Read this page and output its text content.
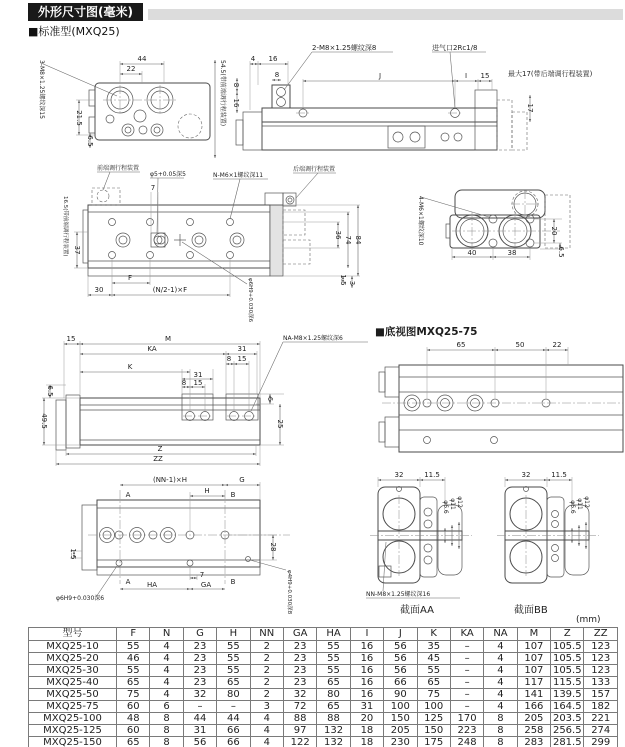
外形尺寸图(毫米)
■标准型(MXQ25)
44
22
21.5
6.5
3-M8×1.25螺纹深15	54.5(带前端调行程装置)
4 16
8
8
16
J	I 15
17
2-M8×1.25螺纹深8	进气口2Rc1/8
最大17(带后端调行程装置)
前端调行程装置
φ5+0.05深5	N-M6×1螺纹深11
后端调行程装置
7
φ6H9+0.030深6
F
30	(N/2-1)×F
37
16.5(带前端调行程装置)	36
74 84
1.5 3
40	38
20
6.5
4-M6×1螺纹深10
15	M
KA	31
8 15
K
31
8 15
6
25
Z
ZZ
6.5
49.5
NA-M8×1.25螺纹深6
■底视图MXQ25-75
65	50	22
A
A
B
B
(NN-1)×H	G
H
28
1.5
7
HA	GA
φ6H9+0.030深6	φ4H9+0.030深8
32	11.5
φ6.6 φ11 φ12
NN-M8×1.25螺纹深16
截面AA
32	11.5
φ6.6 φ11 φ12
截面BB
(mm)
型号	F	N	G	H	NN	GA	HA	I	J	K	KA	NA	M	Z	ZZ
MXQ25-10	55	4	23	55	2	23	55	16	56	35	–	4	107	105.5	123
MXQ25-20	46	4	23	55	2	23	55	16	56	45	–	4	107	105.5	123
MXQ25-30	55	4	23	55	2	23	55	16	56	55	–	4	107	105.5	123
MXQ25-40	65	4	23	65	2	23	65	16	66	65	–	4	117	115.5	133
MXQ25-50	75	4	32	80	2	32	80	16	90	75	–	4	141	139.5	157
MXQ25-75	60	6	–	–	3	72	65	31	100	100	–	4	166	164.5	182
MXQ25-100	48	8	44	44	4	88	88	20	150	125	170	8	205	203.5	221
MXQ25-125	60	8	31	66	4	97	132	18	205	150	223	8	258	256.5	274
MXQ25-150	65	8	56	66	4	122	132	18	230	175	248	8	283	281.5	299
